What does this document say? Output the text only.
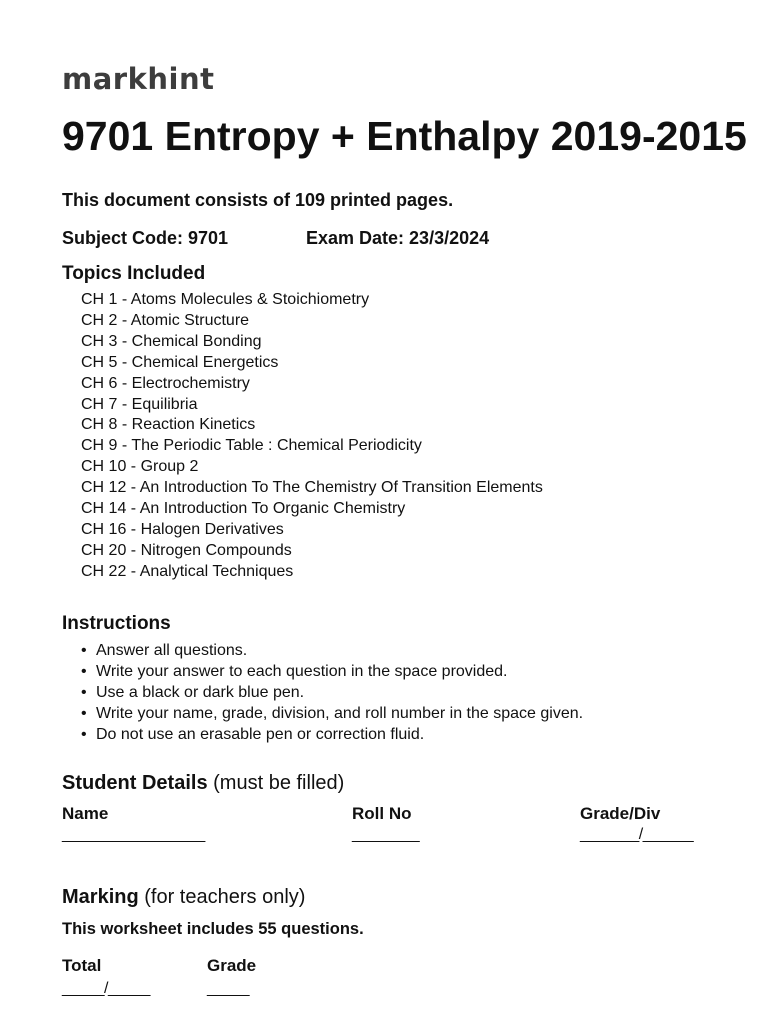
markhint
9701 Entropy + Enthalpy 2019-2015
This document consists of 109 printed pages.
Subject Code: 9701	Exam Date: 23/3/2024
Topics Included
CH 1 - Atoms Molecules & Stoichiometry
CH 2 - Atomic Structure
CH 3 - Chemical Bonding
CH 5 - Chemical Energetics
CH 6 - Electrochemistry
CH 7 - Equilibria
CH 8 - Reaction Kinetics
CH 9 - The Periodic Table : Chemical Periodicity
CH 10 - Group 2
CH 12 - An Introduction To The Chemistry Of Transition Elements
CH 14 - An Introduction To Organic Chemistry
CH 16 - Halogen Derivatives
CH 20 - Nitrogen Compounds
CH 22 - Analytical Techniques
Instructions
• Answer all questions.
• Write your answer to each question in the space provided.
• Use a black or dark blue pen.
• Write your name, grade, division, and roll number in the space given.
• Do not use an erasable pen or correction fluid.
Student Details (must be filled)
Name
_________________
Roll No
________
Grade/Div
_______/______
Marking (for teachers only)
This worksheet includes 55 questions.
Total
_____/_____
Grade
_____
